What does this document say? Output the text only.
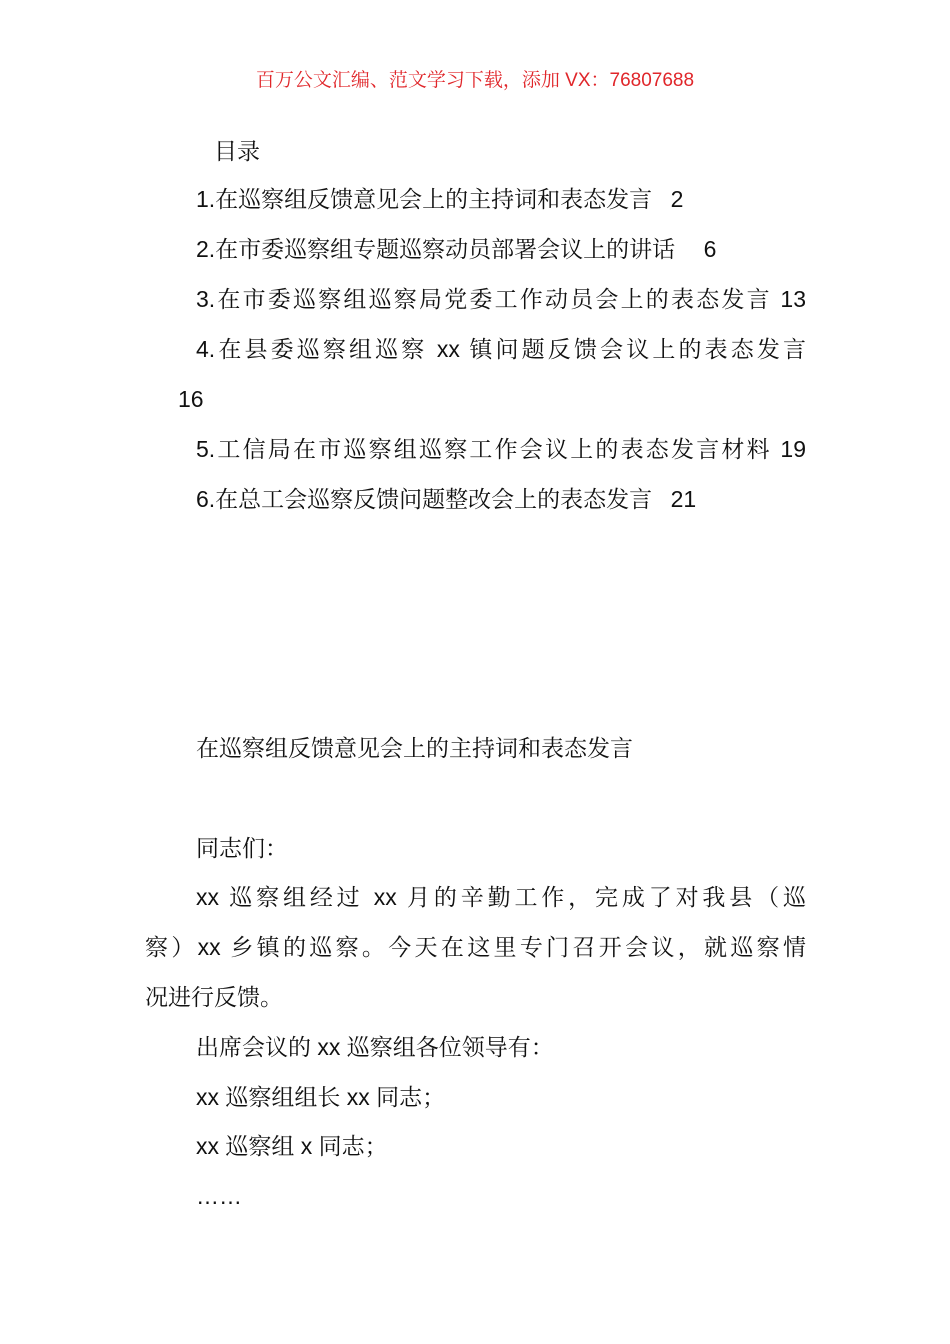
百万公文汇编、范文学习下载，添加 VX：76807688
目录
1.在巡察组反馈意见会上的主持词和表态发言 2
2.在市委巡察组专题巡察动员部署会议上的讲话 6
3.在市委巡察组巡察局党委工作动员会上的表态发言 13
4.在县委巡察组巡察 xx 镇问题反馈会议上的表态发言
16
5.工信局在市巡察组巡察工作会议上的表态发言材料 19
6.在总工会巡察反馈问题整改会上的表态发言 21
在巡察组反馈意见会上的主持词和表态发言
同志们：
xx 巡察组经过 xx 月的辛勤工作，完成了对我县（巡
察）xx 乡镇的巡察。今天在这里专门召开会议，就巡察情
况进行反馈。
出席会议的 xx 巡察组各位领导有：
xx 巡察组组长 xx 同志；
xx 巡察组 x 同志；
……
